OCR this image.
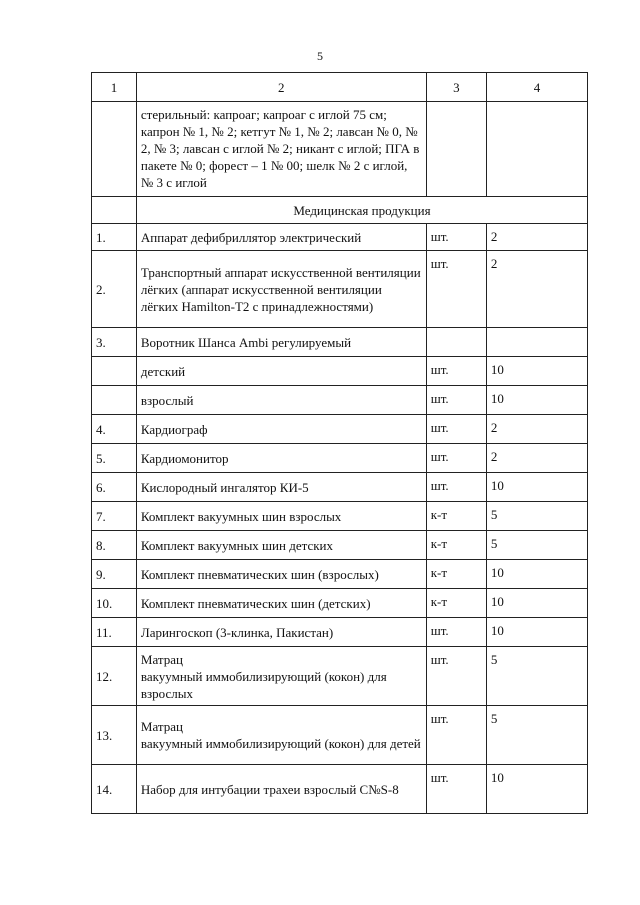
5
1	2	3	4
	стерильный: капроаг; капроаг с иглой 75 см; капрон № 1, № 2; кетгут № 1, № 2; лавсан № 0, № 2, № 3; лавсан с иглой № 2; никант с иглой; ПГА в пакете № 0; форест – 1 № 00; шелк № 2 с иглой, № 3 с иглой		
	Медицинская продукция		
1.	Аппарат дефибриллятор электрический	шт.	2
2.	Транспортный аппарат искусственной вентиляции лёгких (аппарат искусственной вентиляции лёгких Hamilton-T2 с принадлежностями)	шт.	2
3.	Воротник Шанса Ambi регулируемый		
	детский	шт.	10
	взрослый	шт.	10
4.	Кардиограф	шт.	2
5.	Кардиомонитор	шт.	2
6.	Кислородный ингалятор КИ-5	шт.	10
7.	Комплект вакуумных шин взрослых	к-т	5
8.	Комплект вакуумных шин детских	к-т	5
9.	Комплект пневматических шин (взрослых)	к-т	10
10.	Комплект пневматических шин (детских)	к-т	10
11.	Ларингоскоп (3-клинка, Пакистан)	шт.	10
12.	Матрац
вакуумный иммобилизирующий (кокон) для взрослых	шт.	5
13.	Матрац
вакуумный иммобилизирующий (кокон) для детей	шт.	5
14.	Набор для интубации трахеи взрослый С№S-8	шт.	10
